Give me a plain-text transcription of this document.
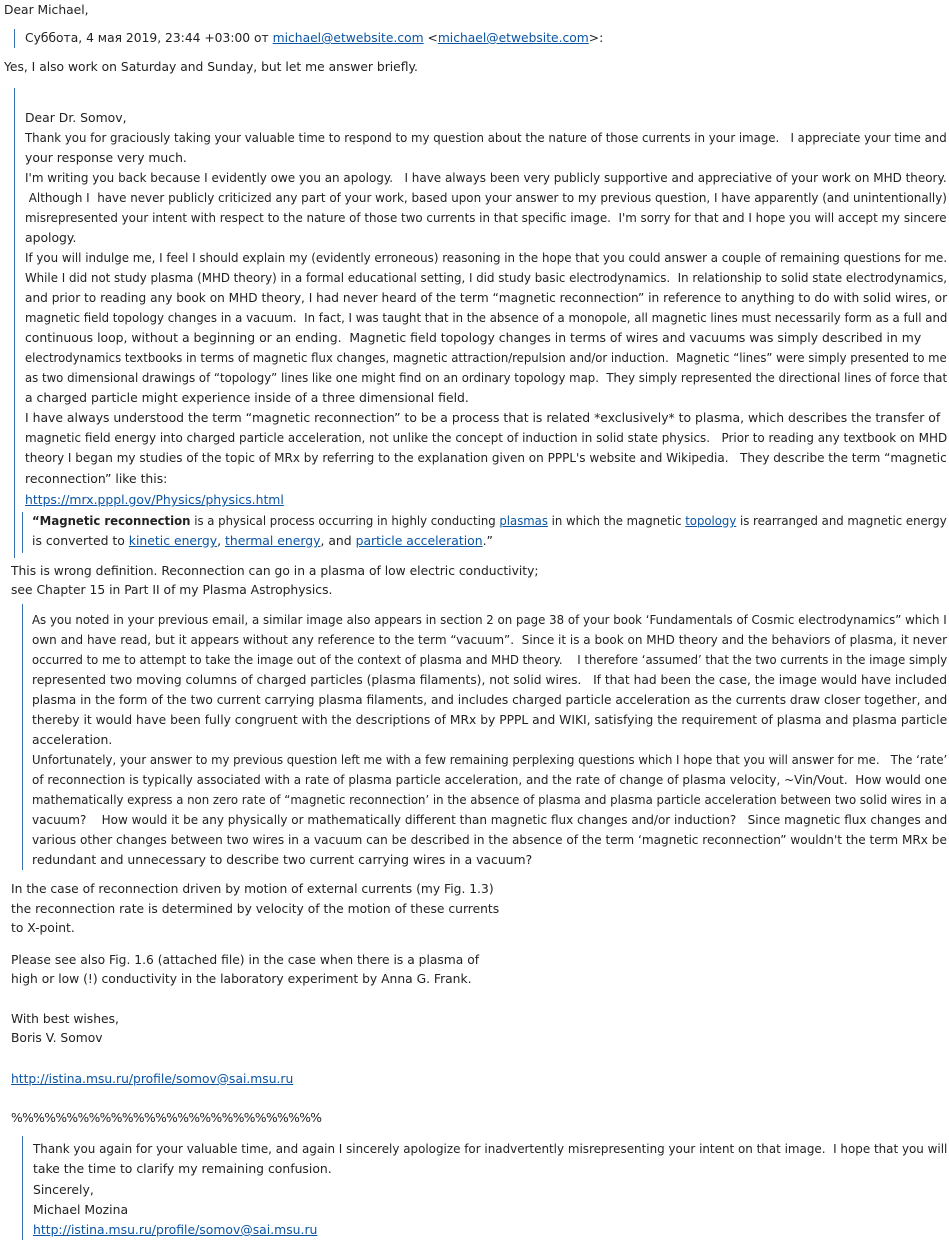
Dear Michael,
Суббота, 4 мая 2019, 23:44 +03:00 от michael@etwebsite.com <michael@etwebsite.com>:
Yes, I also work on Saturday and Sunday, but let me answer briefly.
Dear Dr. Somov,
Thank you for graciously taking your valuable time to respond to my question about the nature of those currents in your image.   I appreciate your time and
your response very much.
I'm writing you back because I evidently owe you an apology.   I have always been very publicly supportive and appreciative of your work on MHD theory.
Although I  have never publicly criticized any part of your work, based upon your answer to my previous question, I have apparently (and unintentionally)
misrepresented your intent with respect to the nature of those two currents in that specific image.  I'm sorry for that and I hope you will accept my sincere
apology.
If you will indulge me, I feel I should explain my (evidently erroneous) reasoning in the hope that you could answer a couple of remaining questions for me.
While I did not study plasma (MHD theory) in a formal educational setting, I did study basic electrodynamics.  In relationship to solid state electrodynamics,
and prior to reading any book on MHD theory, I had never heard of the term “magnetic reconnection” in reference to anything to do with solid wires, or
magnetic field topology changes in a vacuum.  In fact, I was taught that in the absence of a monopole, all magnetic lines must necessarily form as a full and
continuous loop, without a beginning or an ending.  Magnetic field topology changes in terms of wires and vacuums was simply described in my
electrodynamics textbooks in terms of magnetic flux changes, magnetic attraction/repulsion and/or induction.  Magnetic “lines” were simply presented to me
as two dimensional drawings of “topology” lines like one might find on an ordinary topology map.  They simply represented the directional lines of force that
a charged particle might experience inside of a three dimensional field.
I have always understood the term “magnetic reconnection” to be a process that is related *exclusively* to plasma, which describes the transfer of
magnetic field energy into charged particle acceleration, not unlike the concept of induction in solid state physics.   Prior to reading any textbook on MHD
theory I began my studies of the topic of MRx by referring to the explanation given on PPPL's website and Wikipedia.   They describe the term “magnetic
reconnection” like this:
https://mrx.pppl.gov/Physics/physics.html
“Magnetic reconnection is a physical process occurring in highly conducting plasmas in which the magnetic topology is rearranged and magnetic energy
is converted to kinetic energy, thermal energy, and particle acceleration.”
This is wrong definition. Reconnection can go in a plasma of low electric conductivity;
see Chapter 15 in Part II of my Plasma Astrophysics.
As you noted in your previous email, a similar image also appears in section 2 on page 38 of your book ‘Fundamentals of Cosmic electrodynamics” which I
own and have read, but it appears without any reference to the term “vacuum”.  Since it is a book on MHD theory and the behaviors of plasma, it never
occurred to me to attempt to take the image out of the context of plasma and MHD theory.    I therefore ‘assumed’ that the two currents in the image simply
represented two moving columns of charged particles (plasma filaments), not solid wires.   If that had been the case, the image would have included
plasma in the form of the two current carrying plasma filaments, and includes charged particle acceleration as the currents draw closer together, and
thereby it would have been fully congruent with the descriptions of MRx by PPPL and WIKI, satisfying the requirement of plasma and plasma particle
acceleration.
Unfortunately, your answer to my previous question left me with a few remaining perplexing questions which I hope that you will answer for me.   The ‘rate’
of reconnection is typically associated with a rate of plasma particle acceleration, and the rate of change of plasma velocity, ~Vin/Vout.  How would one
mathematically express a non zero rate of “magnetic reconnection’ in the absence of plasma and plasma particle acceleration between two solid wires in a
vacuum?    How would it be any physically or mathematically different than magnetic flux changes and/or induction?   Since magnetic flux changes and
various other changes between two wires in a vacuum can be described in the absence of the term ‘magnetic reconnection” wouldn't the term MRx be
redundant and unnecessary to describe two current carrying wires in a vacuum?
In the case of reconnection driven by motion of external currents (my Fig. 1.3)
the reconnection rate is determined by velocity of the motion of these currents
to X-point.
Please see also Fig. 1.6 (attached file) in the case when there is a plasma of
high or low (!) conductivity in the laboratory experiment by Anna G. Frank.
With best wishes,
Boris V. Somov
http://istina.msu.ru/profile/somov@sai.msu.ru
%%%%%%%%%%%%%%%%%%%%%%%%%%%%
Thank you again for your valuable time, and again I sincerely apologize for inadvertently misrepresenting your intent on that image.  I hope that you will
take the time to clarify my remaining confusion.
Sincerely,
Michael Mozina
http://istina.msu.ru/profile/somov@sai.msu.ru
